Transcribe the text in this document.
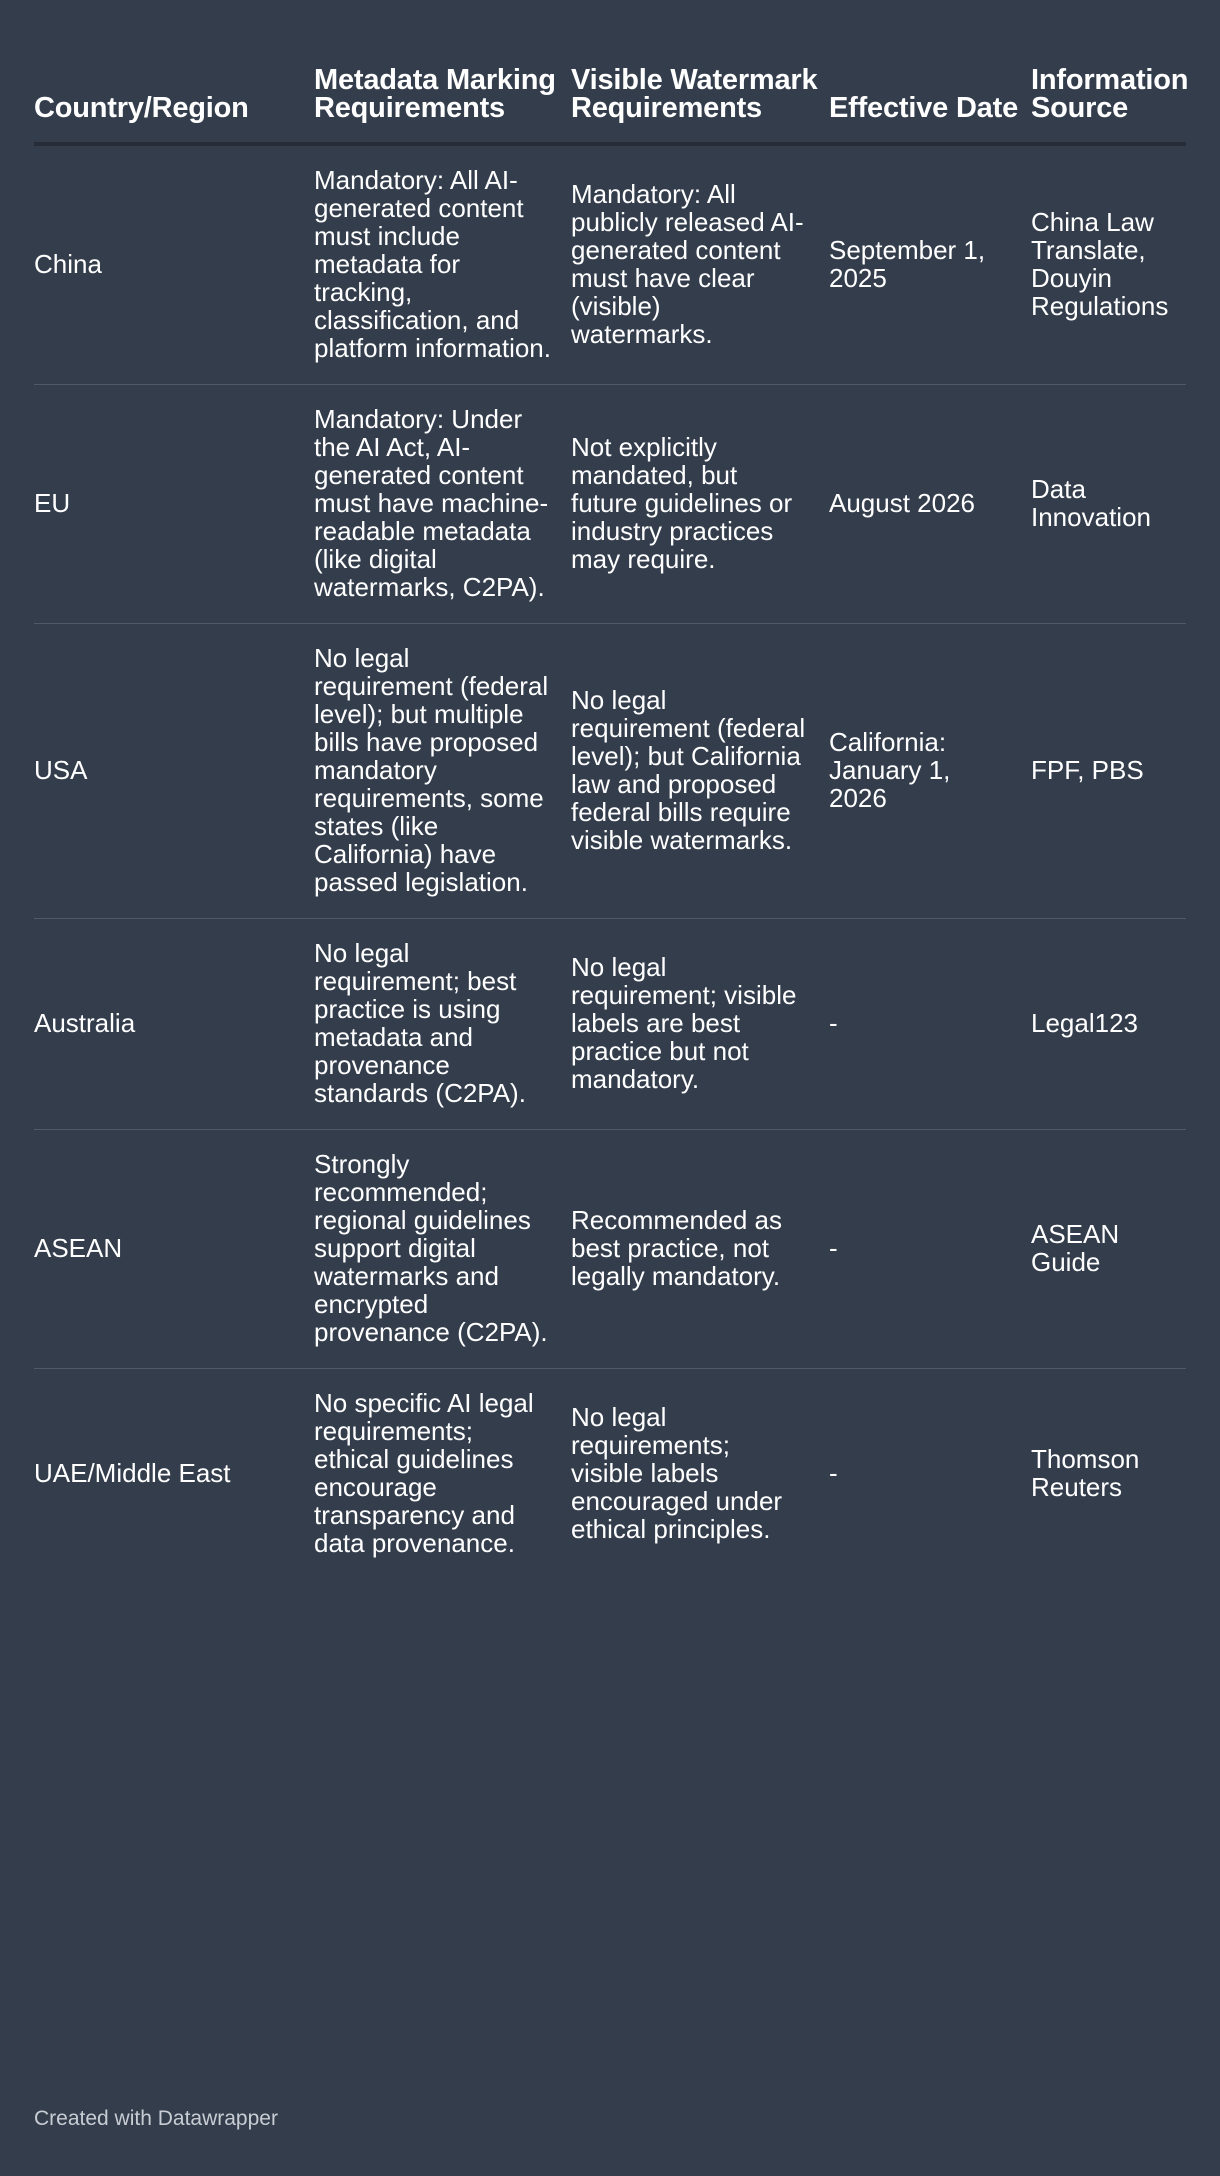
Country/Region	Metadata Marking Requirements	Visible Watermark Requirements	Effective Date	Information Source
China	Mandatory: All AI-generated content must include metadata for tracking, classification, and platform information.	Mandatory: All publicly released AI-generated content must have clear (visible) watermarks.	September 1, 2025	China Law Translate, Douyin Regulations
EU	Mandatory: Under the AI Act, AI-generated content must have machine-readable metadata (like digital watermarks, C2PA).	Not explicitly mandated, but future guidelines or industry practices may require.	August 2026	Data Innovation
USA	No legal requirement (federal level); but multiple bills have proposed mandatory requirements, some states (like California) have passed legislation.	No legal requirement (federal level); but California law and proposed federal bills require visible watermarks.	California: January 1, 2026	FPF, PBS
Australia	No legal requirement; best practice is using metadata and provenance standards (C2PA).	No legal requirement; visible labels are best practice but not mandatory.	-	Legal123
ASEAN	Strongly recommended; regional guidelines support digital watermarks and encrypted provenance (C2PA).	Recommended as best practice, not legally mandatory.	-	ASEAN Guide
UAE/Middle East	No specific AI legal requirements; ethical guidelines encourage transparency and data provenance.	No legal requirements; visible labels encouraged under ethical principles.	-	Thomson Reuters
Created with Datawrapper
